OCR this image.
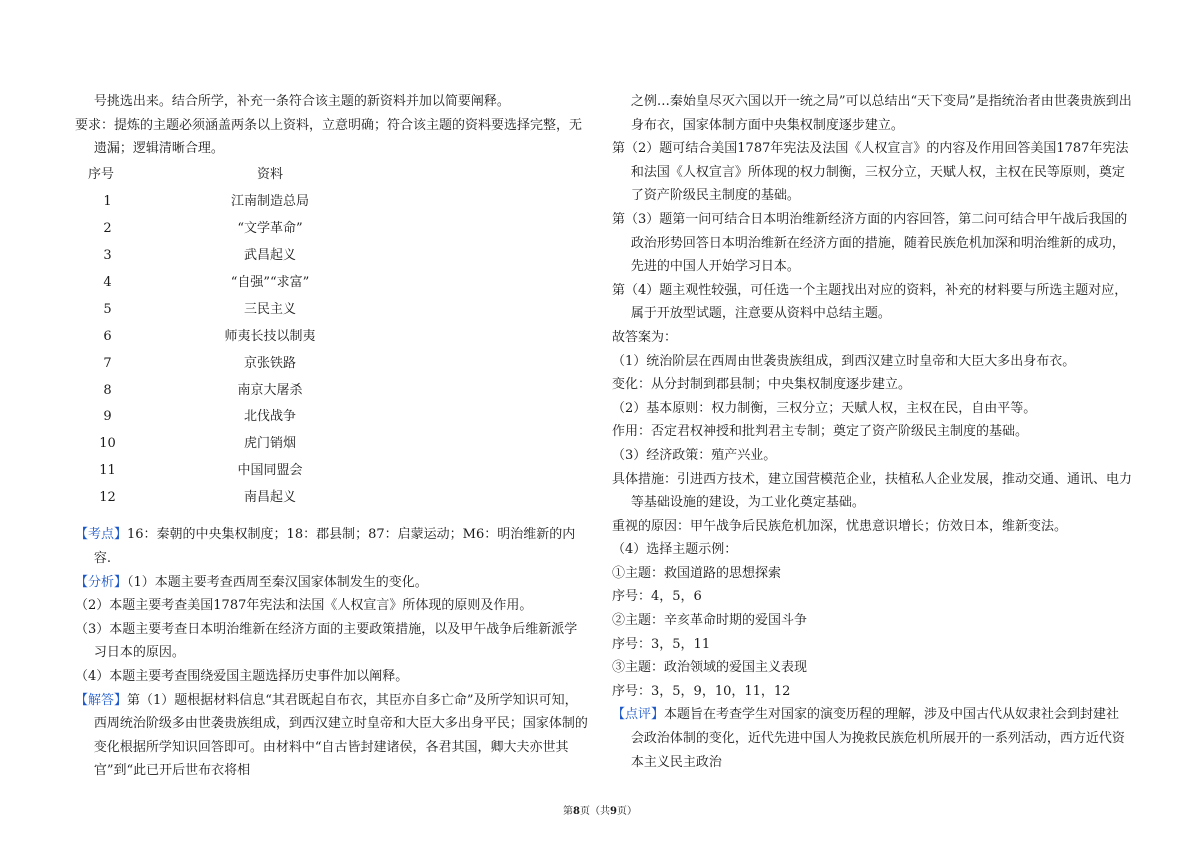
号挑选出来。结合所学，补充一条符合该主题的新资料并加以简要阐释。

要求：提炼的主题必须涵盖两条以上资料，立意明确；符合该主题的资料要选择完整，无遗漏；逻辑清晰合理。

序号	资料
1	江南制造总局
2	“文学革命”
3	武昌起义
4	“自强”“求富”
5	三民主义
6	师夷长技以制夷
7	京张铁路
8	南京大屠杀
9	北伐战争
10	虎门销烟
11	中国同盟会
12	南昌起义

【考点】16：秦朝的中央集权制度；18：郡县制；87：启蒙运动；M6：明治维新的内容.

【分析】（1）本题主要考查西周至秦汉国家体制发生的变化。

（2）本题主要考查美国1787年宪法和法国《人权宣言》所体现的原则及作用。

（3）本题主要考查日本明治维新在经济方面的主要政策措施，以及甲午战争后维新派学习日本的原因。

（4）本题主要考查围绕爱国主题选择历史事件加以阐释。

【解答】第（1）题根据材料信息“其君既起自布衣，其臣亦自多亡命”及所学知识可知，西周统治阶级多由世袭贵族组成，到西汉建立时皇帝和大臣大多出身平民；国家体制的变化根据所学知识回答即可。由材料中“自古皆封建诸侯，各君其国，卿大夫亦世其官”到“此已开后世布衣将相

之例…秦始皇尽灭六国以开一统之局”可以总结出“天下变局”是指统治者由世袭贵族到出身布衣，国家体制方面中央集权制度逐步建立。

第（2）题可结合美国1787年宪法及法国《人权宣言》的内容及作用回答美国1787年宪法和法国《人权宣言》所体现的权力制衡，三权分立，天赋人权，主权在民等原则，奠定了资产阶级民主制度的基础。

第（3）题第一问可结合日本明治维新经济方面的内容回答，第二问可结合甲午战后我国的政治形势回答日本明治维新在经济方面的措施，随着民族危机加深和明治维新的成功，先进的中国人开始学习日本。

第（4）题主观性较强，可任选一个主题找出对应的资料，补充的材料要与所选主题对应，属于开放型试题，注意要从资料中总结主题。

故答案为：

（1）统治阶层在西周由世袭贵族组成，到西汉建立时皇帝和大臣大多出身布衣。

变化：从分封制到郡县制；中央集权制度逐步建立。

（2）基本原则：权力制衡，三权分立；天赋人权，主权在民，自由平等。

作用：否定君权神授和批判君主专制；奠定了资产阶级民主制度的基础。

（3）经济政策：殖产兴业。

具体措施：引进西方技术，建立国营模范企业，扶植私人企业发展，推动交通、通讯、电力等基础设施的建设，为工业化奠定基础。

重视的原因：甲午战争后民族危机加深，忧患意识增长；仿效日本，维新变法。

（4）选择主题示例：

①主题：救国道路的思想探索

序号：4，5，6

②主题：辛亥革命时期的爱国斗争

序号：3，5，11

③主题：政治领域的爱国主义表现

序号：3，5，9，10，11，12

【点评】本题旨在考查学生对国家的演变历程的理解，涉及中国古代从奴隶社会到封建社会政治体制的变化，近代先进中国人为挽救民族危机所展开的一系列活动，西方近代资本主义民主政治

第8页（共9页）
